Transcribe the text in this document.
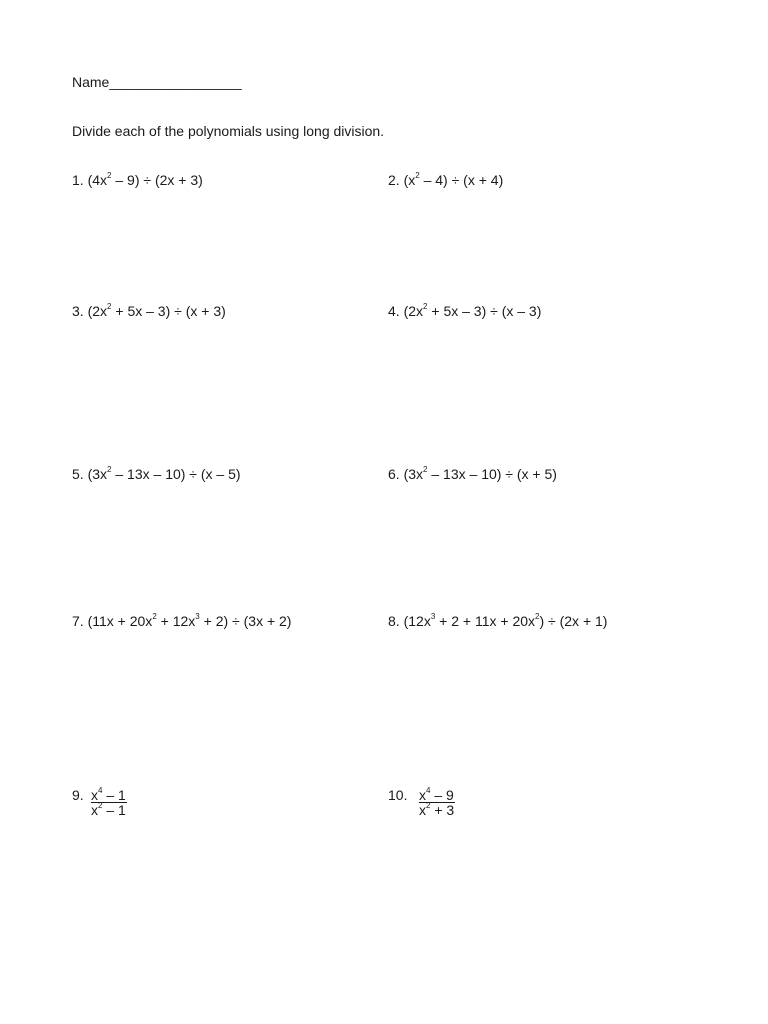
Name_________________
Divide each of the polynomials using long division.
1. $(4x^2 - 9) \div (2x + 3)$	2. $(x^2 - 4) \div (x + 4)$
3. $(2x^2 + 5x - 3) \div (x + 3)$	4. $(2x^2 + 5x - 3) \div (x - 3)$
5. $(3x^2 - 13x - 10) \div (x - 5)$	6. $(3x^2 - 13x - 10) \div (x + 5)$
7. $(11x + 20x^2 + 12x^3 + 2) \div (3x + 2)$	8. $(12x^3 + 2 + 11x + 20x^2) \div (2x + 1)$
9. $\frac{x^4 - 1}{x^2 - 1}$	10. $\frac{x^4 - 9}{x^2 + 3}$
